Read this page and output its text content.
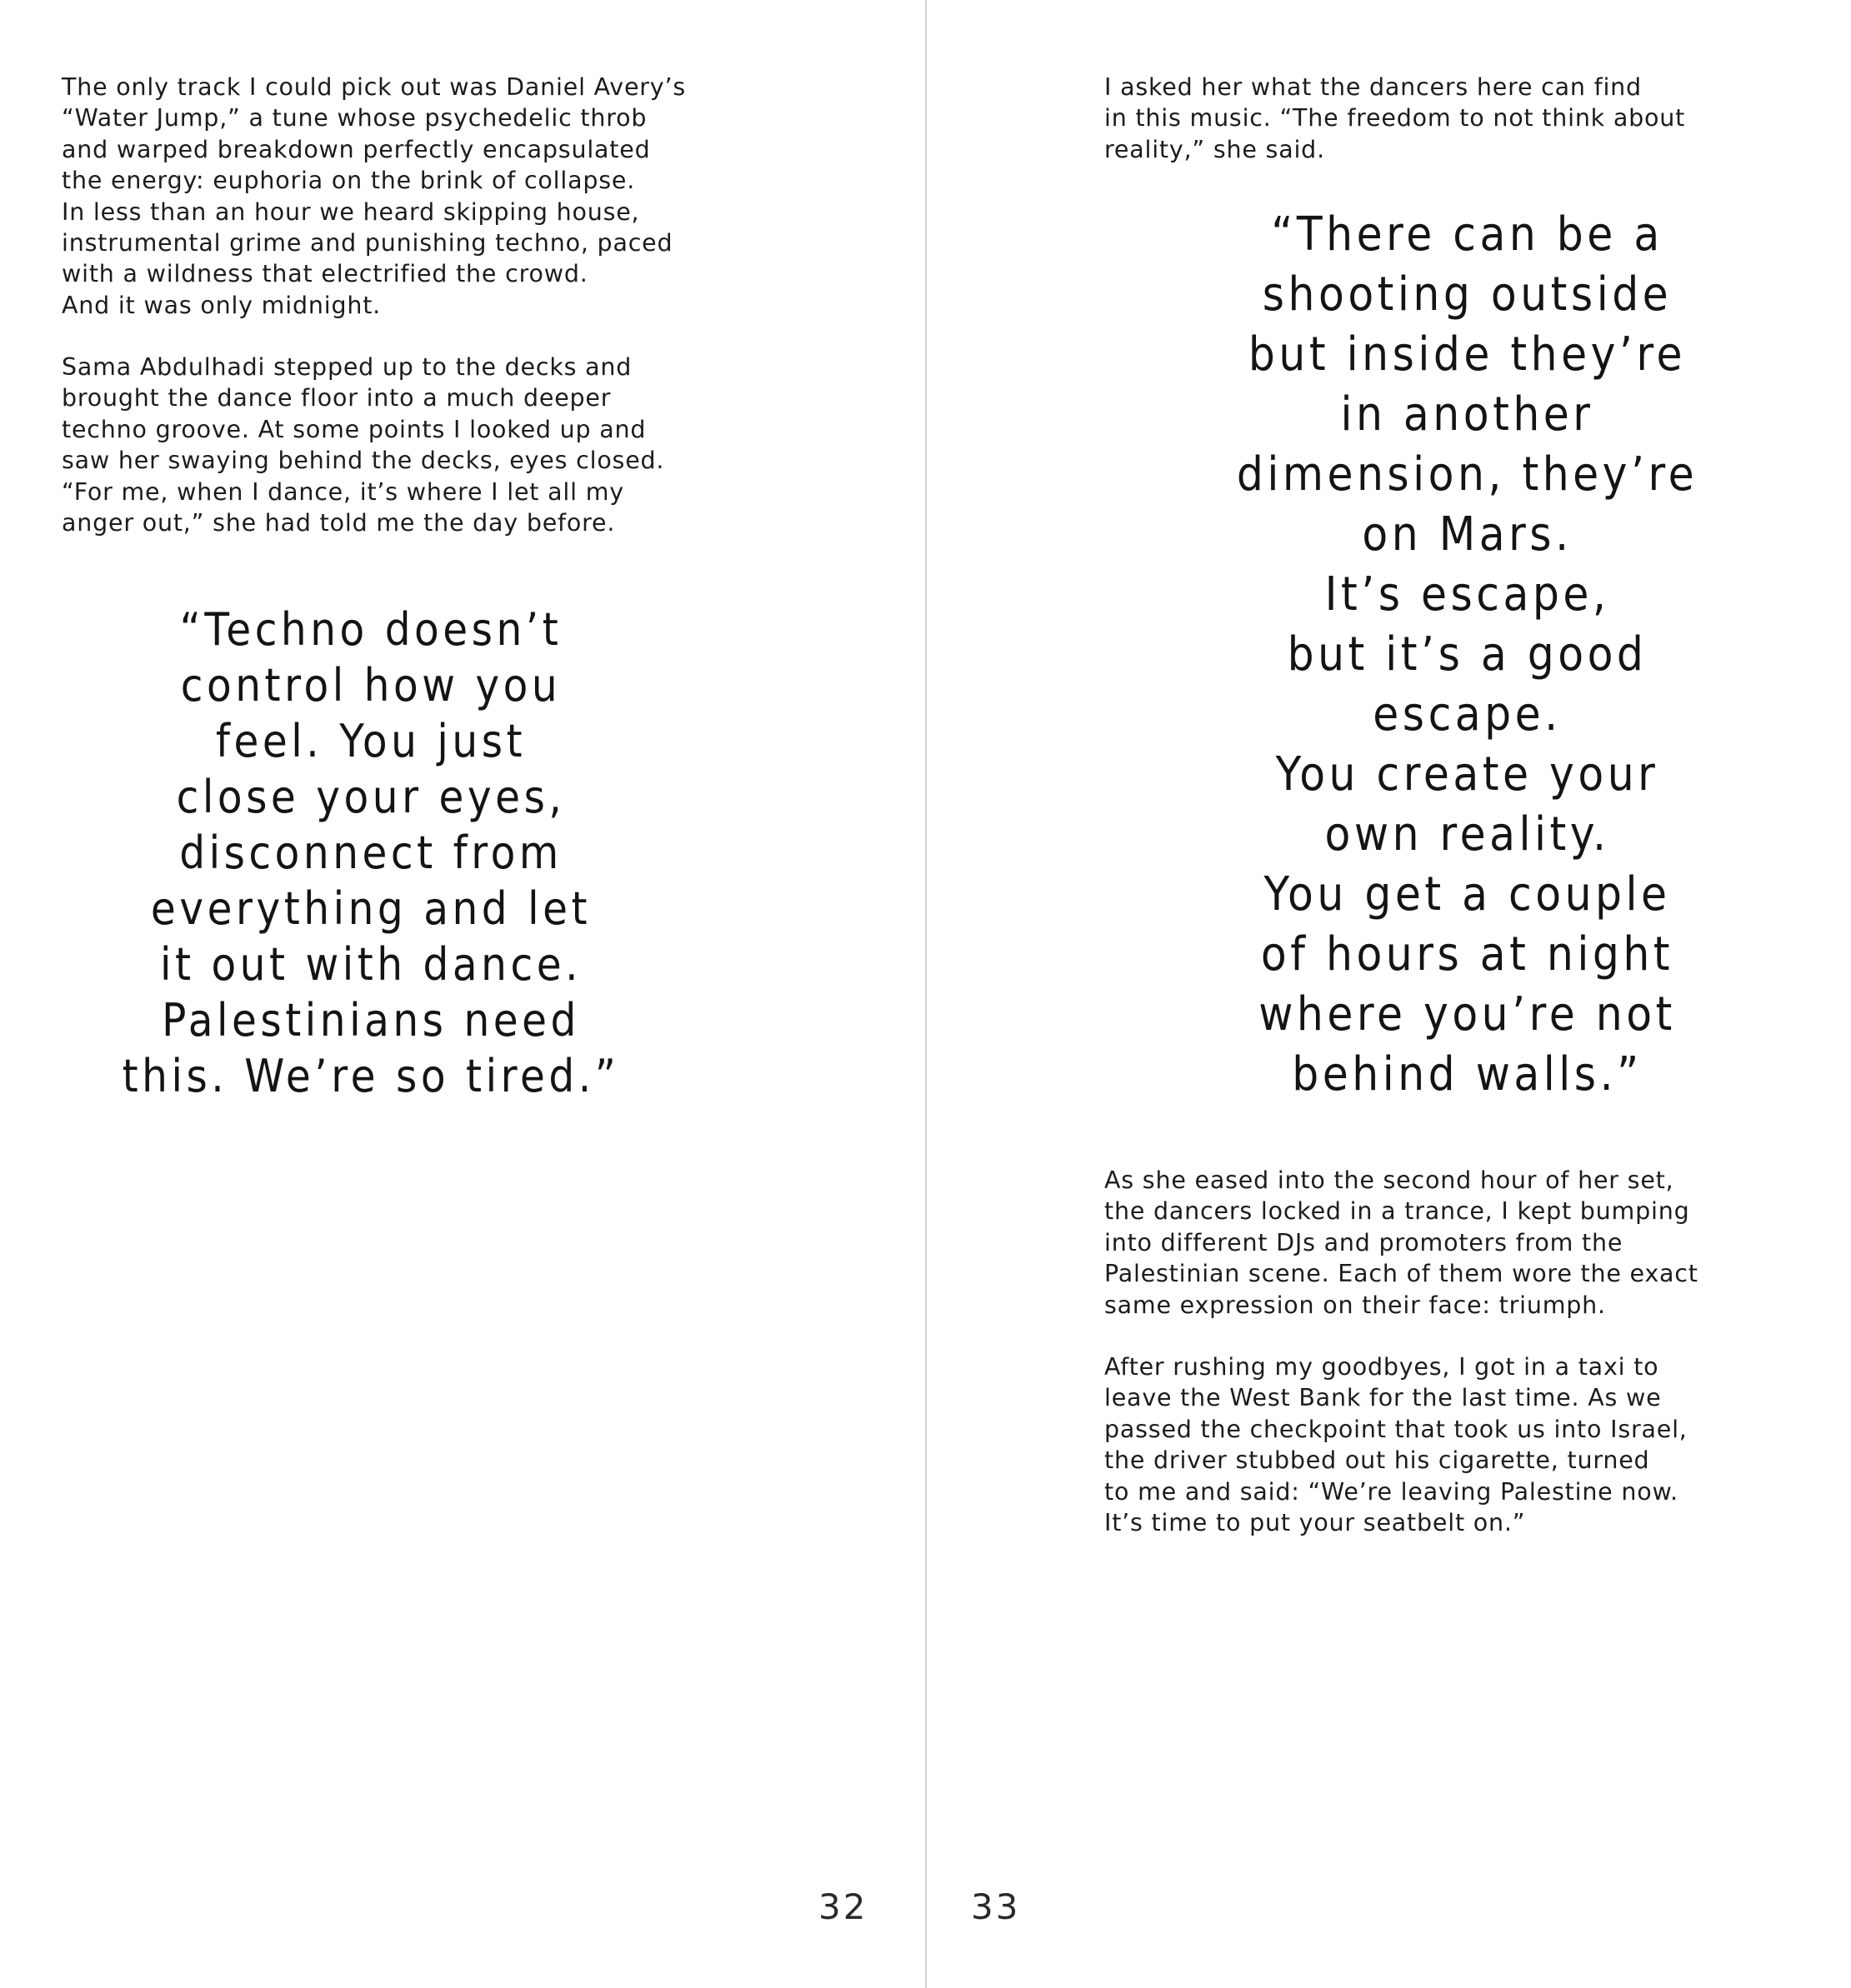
The only track I could pick out was Daniel Avery’s
“Water Jump,” a tune whose psychedelic throb
and warped breakdown perfectly encapsulated
the energy: euphoria on the brink of collapse.
In less than an hour we heard skipping house,
instrumental grime and punishing techno, paced
with a wildness that electrified the crowd.
And it was only midnight.

Sama Abdulhadi stepped up to the decks and
brought the dance floor into a much deeper
techno groove. At some points I looked up and
saw her swaying behind the decks, eyes closed.
“For me, when I dance, it’s where I let all my
anger out,” she had told me the day before.

“Techno doesn’t
control how you
feel. You just
close your eyes,
disconnect from
everything and let
it out with dance.
Palestinians need
this. We’re so tired.”

32

I asked her what the dancers here can find
in this music. “The freedom to not think about
reality,” she said.

“There can be a
shooting outside
but inside they’re
in another
dimension, they’re
on Mars.
It’s escape,
but it’s a good
escape.
You create your
own reality.
You get a couple
of hours at night
where you’re not
behind walls.”

As she eased into the second hour of her set,
the dancers locked in a trance, I kept bumping
into different DJs and promoters from the
Palestinian scene. Each of them wore the exact
same expression on their face: triumph.

After rushing my goodbyes, I got in a taxi to
leave the West Bank for the last time. As we
passed the checkpoint that took us into Israel,
the driver stubbed out his cigarette, turned
to me and said: “We’re leaving Palestine now.
It’s time to put your seatbelt on.”

33
